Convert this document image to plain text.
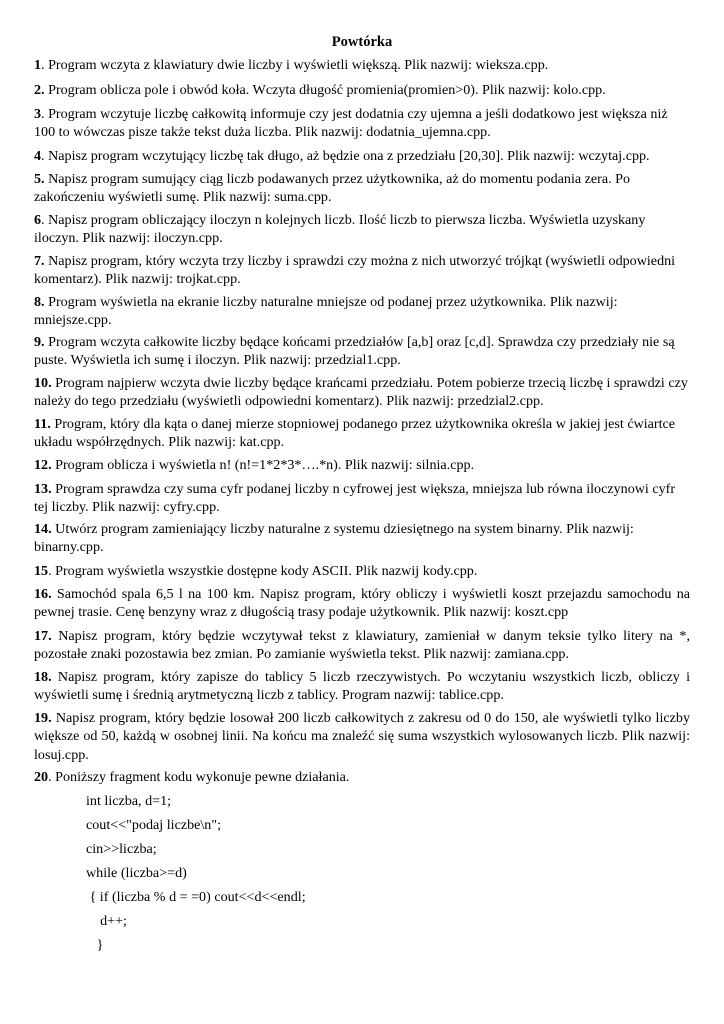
Powtórka

1. Program wczyta z klawiatury dwie liczby i wyświetli większą. Plik nazwij: wieksza.cpp.

2. Program oblicza pole i obwód koła. Wczyta długość promienia(promien>0). Plik nazwij: kolo.cpp.

3. Program wczytuje liczbę całkowitą informuje czy jest dodatnia czy ujemna a jeśli dodatkowo jest większa niż 100 to wówczas pisze także tekst duża liczba. Plik nazwij: dodatnia_ujemna.cpp.

4. Napisz program wczytujący liczbę tak długo, aż będzie ona z przedziału [20,30]. Plik nazwij: wczytaj.cpp.

5. Napisz program sumujący ciąg liczb podawanych przez użytkownika, aż do momentu podania zera. Po zakończeniu wyświetli sumę. Plik nazwij: suma.cpp.

6. Napisz program obliczający iloczyn n kolejnych liczb. Ilość liczb to pierwsza liczba. Wyświetla uzyskany iloczyn. Plik nazwij: iloczyn.cpp.

7. Napisz program, który wczyta trzy liczby i sprawdzi czy można z nich utworzyć trójkąt (wyświetli odpowiedni komentarz). Plik nazwij: trojkat.cpp.

8. Program wyświetla na ekranie liczby naturalne mniejsze od podanej przez użytkownika. Plik nazwij: mniejsze.cpp.

9. Program wczyta całkowite liczby będące końcami przedziałów [a,b] oraz [c,d]. Sprawdza czy przedziały nie są puste. Wyświetla ich sumę i iloczyn. Plik nazwij: przedzial1.cpp.

10. Program najpierw wczyta dwie liczby będące krańcami przedziału. Potem pobierze trzecią liczbę i sprawdzi czy należy do tego przedziału (wyświetli odpowiedni komentarz). Plik nazwij: przedzial2.cpp.

11. Program, który dla kąta o danej mierze stopniowej podanego przez użytkownika określa w jakiej jest ćwiartce układu współrzędnych. Plik nazwij: kat.cpp.

12. Program oblicza i wyświetla n! (n!=1*2*3*….*n). Plik nazwij: silnia.cpp.

13. Program sprawdza czy suma cyfr podanej liczby n cyfrowej jest większa, mniejsza lub równa iloczynowi cyfr tej liczby. Plik nazwij: cyfry.cpp.

14. Utwórz program zamieniający liczby naturalne z systemu dziesiętnego na system binarny. Plik nazwij: binarny.cpp.

15. Program wyświetla wszystkie dostępne kody ASCII. Plik nazwij kody.cpp.

16. Samochód spala 6,5 l na 100 km. Napisz program, który obliczy i wyświetli koszt przejazdu samochodu na pewnej trasie. Cenę benzyny wraz z długością trasy podaje użytkownik. Plik nazwij: koszt.cpp

17. Napisz program, który będzie wczytywał tekst z klawiatury, zamieniał w danym teksie tylko litery na *, pozostałe znaki pozostawia bez zmian. Po zamianie wyświetla tekst. Plik nazwij: zamiana.cpp.

18. Napisz program, który zapisze do tablicy 5 liczb rzeczywistych. Po wczytaniu wszystkich liczb, obliczy i wyświetli sumę i średnią arytmetyczną liczb z tablicy. Program nazwij: tablice.cpp.

19. Napisz program, który będzie losował 200 liczb całkowitych z zakresu od 0 do 150, ale wyświetli tylko liczby większe od 50, każdą w osobnej linii. Na końcu ma znaleźć się suma wszystkich wylosowanych liczb. Plik nazwij: losuj.cpp.

20. Poniższy fragment kodu wykonuje pewne działania.

int liczba, d=1;

cout<<"podaj liczbe\n";

cin>>liczba;

while (liczba>=d)

{ if (liczba % d = =0) cout<<d<<endl;

d++;

}
